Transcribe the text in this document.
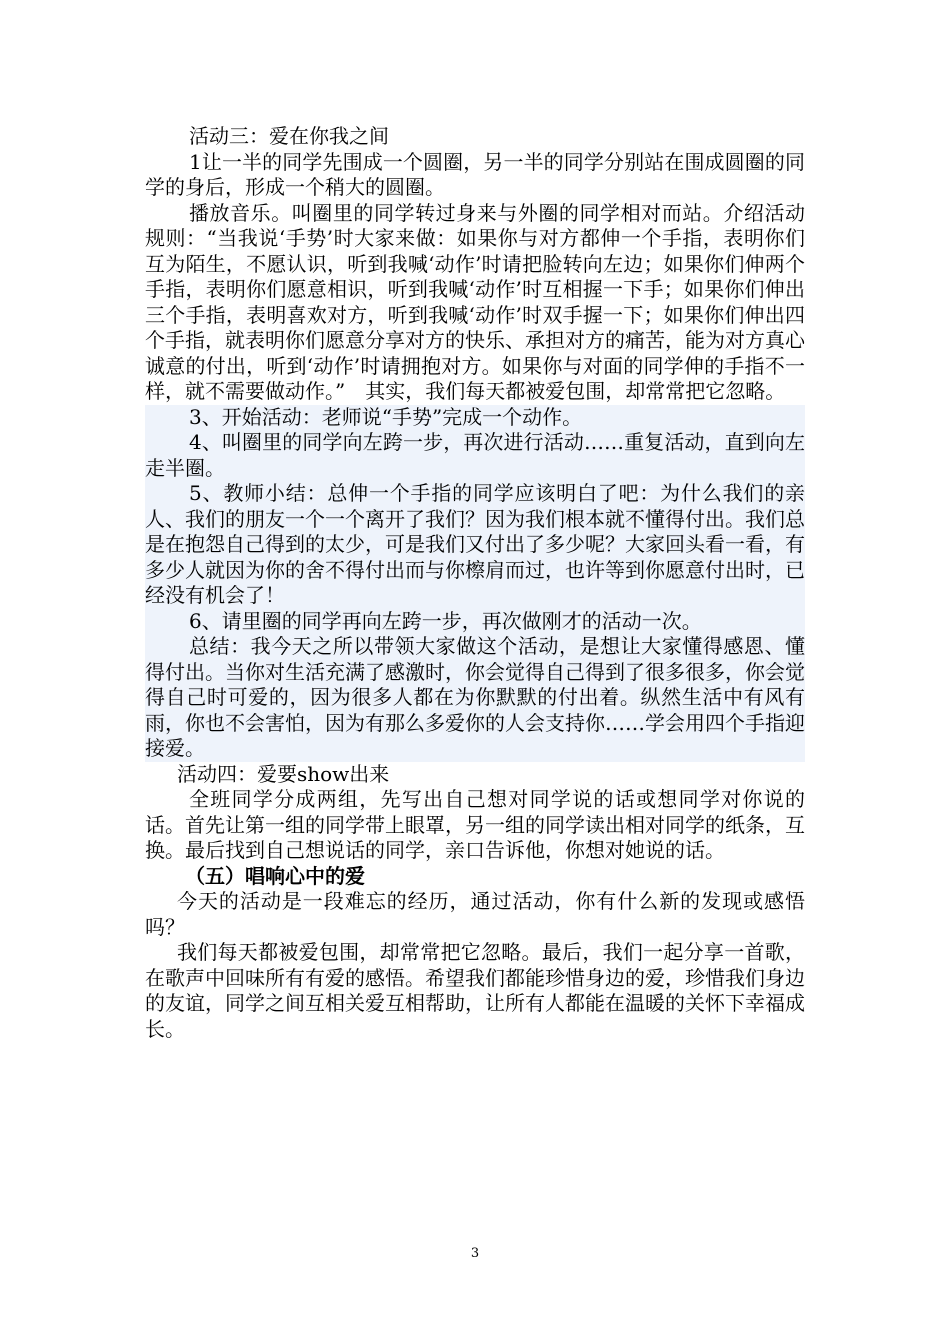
活动三：爱在你我之间

1让一半的同学先围成一个圆圈，另一半的同学分别站在围成圆圈的同学的身后，形成一个稍大的圆圈。

播放音乐。叫圈里的同学转过身来与外圈的同学相对而站。介绍活动规则：“当我说‘手势’时大家来做：如果你与对方都伸一个手指，表明你们互为陌生，不愿认识，听到我喊‘动作’时请把脸转向左边；如果你们伸两个手指，表明你们愿意相识，听到我喊‘动作’时互相握一下手；如果你们伸出三个手指，表明喜欢对方，听到我喊‘动作’时双手握一下；如果你们伸出四个手指，就表明你们愿意分享对方的快乐、承担对方的痛苦，能为对方真心诚意的付出，听到‘动作’时请拥抱对方。如果你与对面的同学伸的手指不一样，就不需要做动作。”　其实，我们每天都被爱包围，却常常把它忽略。

3、开始活动：老师说“手势”完成一个动作。

4、叫圈里的同学向左跨一步，再次进行活动……重复活动，直到向左走半圈。

5、教师小结：总伸一个手指的同学应该明白了吧：为什么我们的亲人、我们的朋友一个一个离开了我们？因为我们根本就不懂得付出。我们总是在抱怨自己得到的太少，可是我们又付出了多少呢？大家回头看一看，有多少人就因为你的舍不得付出而与你檫肩而过，也许等到你愿意付出时，已经没有机会了！

6、请里圈的同学再向左跨一步，再次做刚才的活动一次。

总结：我今天之所以带领大家做这个活动，是想让大家懂得感恩、懂得付出。当你对生活充满了感激时，你会觉得自己得到了很多很多，你会觉得自己时可爱的，因为很多人都在为你默默的付出着。纵然生活中有风有雨，你也不会害怕，因为有那么多爱你的人会支持你……学会用四个手指迎接爱。

活动四：爱要show出来

全班同学分成两组，先写出自己想对同学说的话或想同学对你说的话。首先让第一组的同学带上眼罩，另一组的同学读出相对同学的纸条，互换。最后找到自己想说话的同学，亲口告诉他，你想对她说的话。

（五）唱响心中的爱

今天的活动是一段难忘的经历，通过活动，你有什么新的发现或感悟吗？

我们每天都被爱包围，却常常把它忽略。最后，我们一起分享一首歌，在歌声中回味所有有爱的感悟。希望我们都能珍惜身边的爱，珍惜我们身边的友谊，同学之间互相关爱互相帮助，让所有人都能在温暖的关怀下幸福成长。

3
